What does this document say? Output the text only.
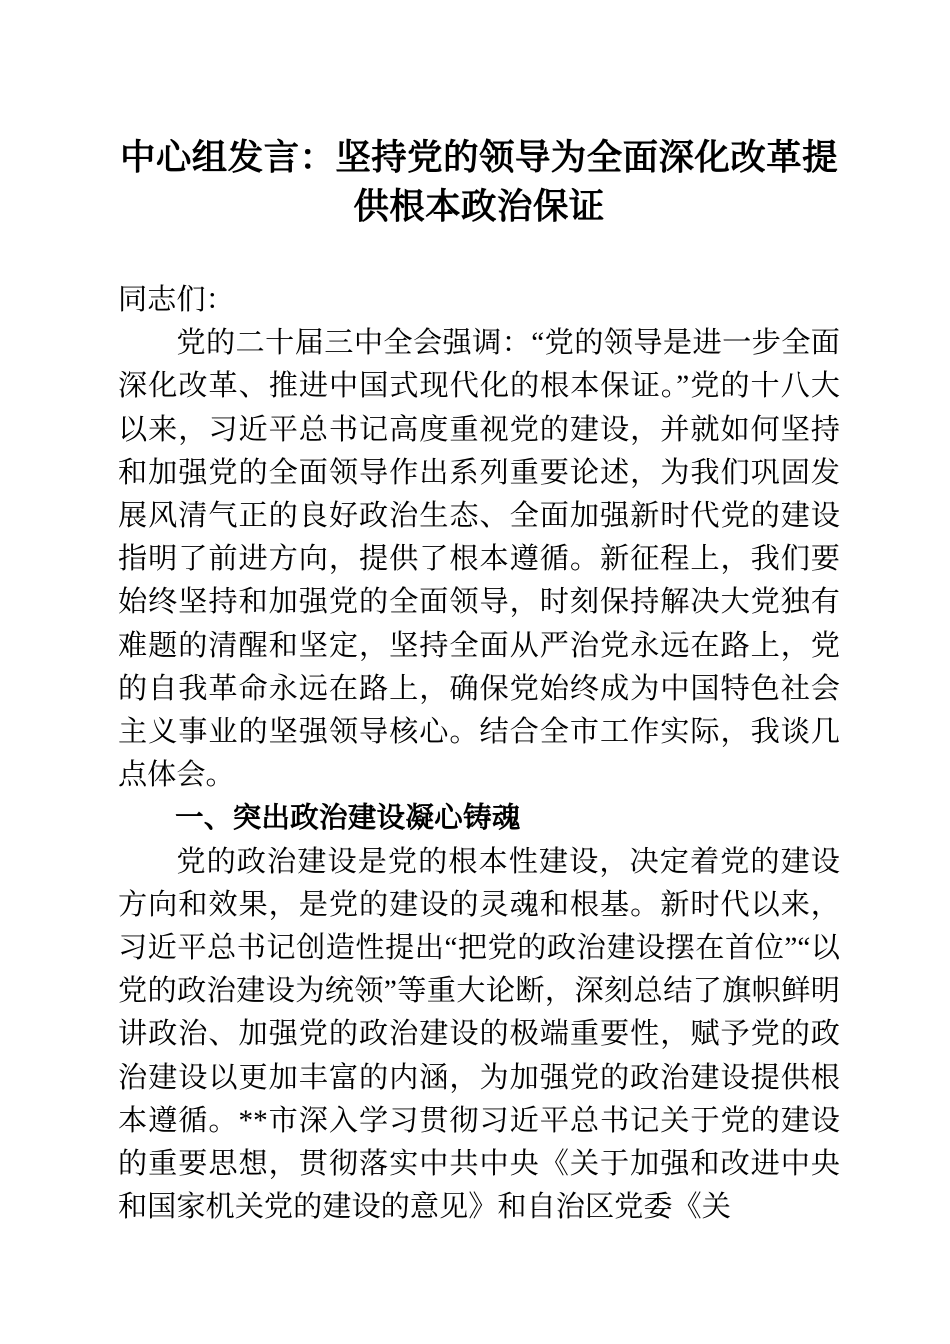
中心组发言：坚持党的领导为全面深化改革提供根本政治保证

同志们：

党的二十届三中全会强调：“党的领导是进一步全面深化改革、推进中国式现代化的根本保证。”党的十八大以来，习近平总书记高度重视党的建设，并就如何坚持和加强党的全面领导作出系列重要论述，为我们巩固发展风清气正的良好政治生态、全面加强新时代党的建设指明了前进方向，提供了根本遵循。新征程上，我们要始终坚持和加强党的全面领导，时刻保持解决大党独有难题的清醒和坚定，坚持全面从严治党永远在路上，党的自我革命永远在路上，确保党始终成为中国特色社会主义事业的坚强领导核心。结合全市工作实际，我谈几点体会。

一、突出政治建设凝心铸魂

党的政治建设是党的根本性建设，决定着党的建设方向和效果，是党的建设的灵魂和根基。新时代以来，习近平总书记创造性提出“把党的政治建设摆在首位”“以党的政治建设为统领”等重大论断，深刻总结了旗帜鲜明讲政治、加强党的政治建设的极端重要性，赋予党的政治建设以更加丰富的内涵，为加强党的政治建设提供根本遵循。**市深入学习贯彻习近平总书记关于党的建设的重要思想，贯彻落实中共中央《关于加强和改进中央和国家机关党的建设的意见》和自治区党委《关
